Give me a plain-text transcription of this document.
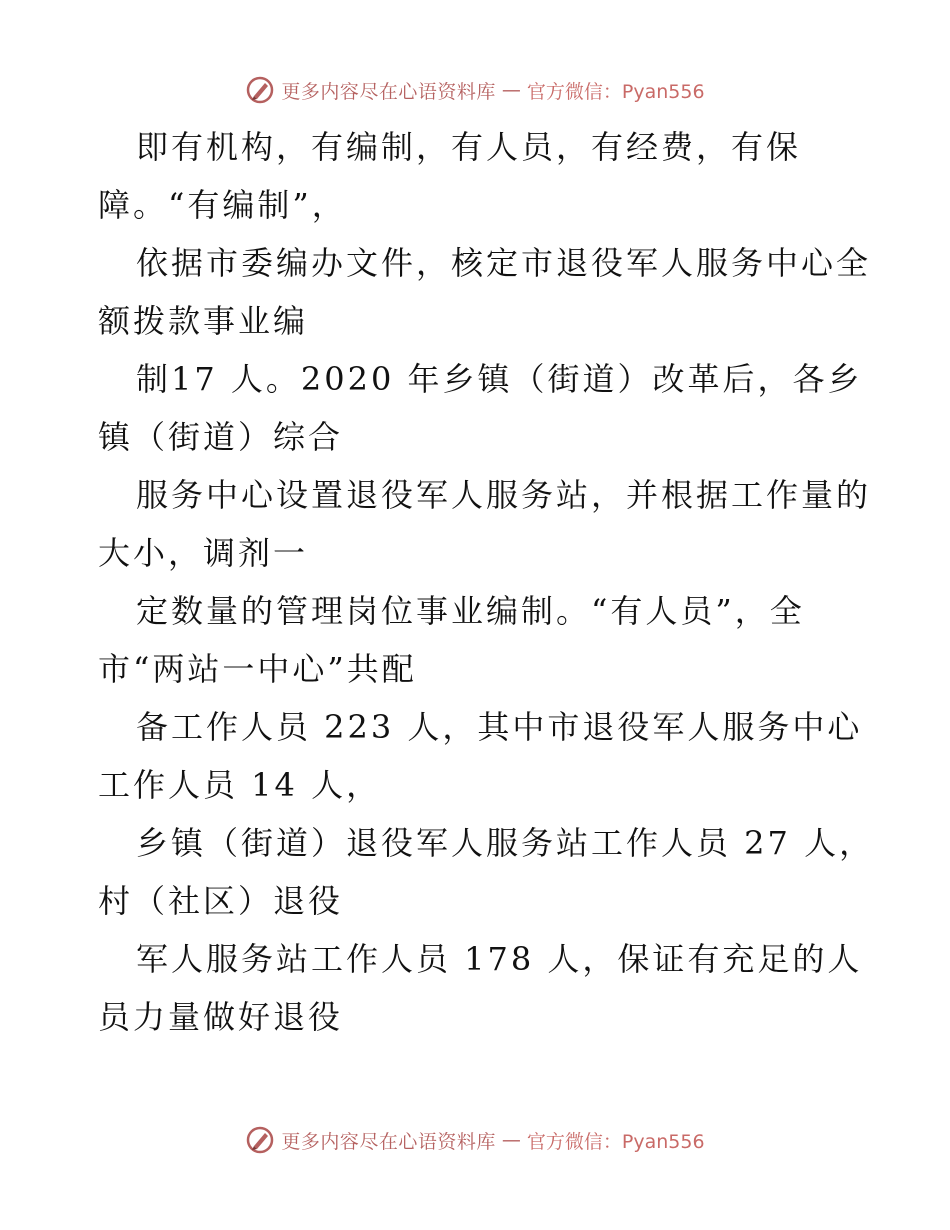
更多内容尽在心语资料库 — 官方微信：Pyan556
即有机构，有编制，有人员，有经费，有保
障。“有编制”，
依据市委编办文件，核定市退役军人服务中心全
额拨款事业编
制17 人。2020 年乡镇（街道）改革后，各乡
镇（街道）综合
服务中心设置退役军人服务站，并根据工作量的
大小，调剂一
定数量的管理岗位事业编制。“有人员”，全
市“两站一中心”共配
备工作人员 223 人，其中市退役军人服务中心
工作人员 14 人，
乡镇（街道）退役军人服务站工作人员 27 人，
村（社区）退役
军人服务站工作人员 178 人，保证有充足的人
员力量做好退役
更多内容尽在心语资料库 — 官方微信：Pyan556
